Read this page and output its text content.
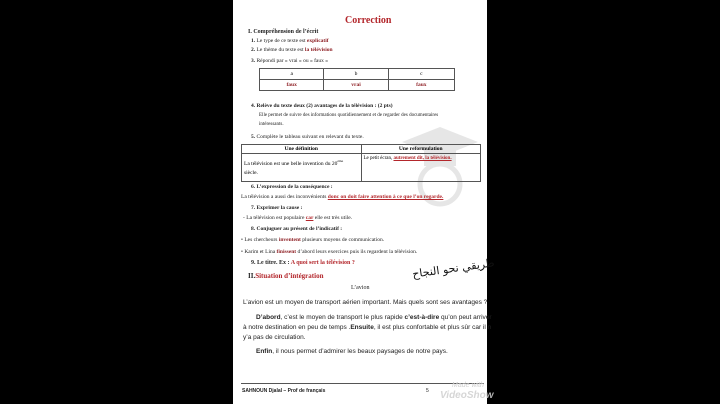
Correction
I. Compréhension de l’écrit
1. Le type de ce texte est explicatif
2. Le thème du texte est la télévision
3. Répondi par « vrai » ou « faux »
a	b	c
faux	vrai	faux
4. Relève du texte deux (2) avantages de la télévision : (2 pts)
Elle permet de suivre des informations quotidiennement et de regarder des documentaires
intéressants.
5. Complète le tableau suivant en relevant du texte.
Une définition	Une reformulation
La télévision est une belle invention du 20ème
siècle.	Le petit écran, autrement dit, la télévision.
6. L’expression de la conséquence :
La télévision a aussi des inconvénients donc on doit faire attention à ce que l’on regarde.
7. Exprimer la cause :
- La télévision est populaire car elle est très utile.
8. Conjuguer au présent de l’indicatif :
• Les chercheurs inventent plusieurs moyens de communication.
• Karim et Lina finissent d’abord leurs exercices puis ils regardent la télévision.
9. Le titre. Ex : A quoi sert la télévision ?
II.Situation d’intégration
L’avion
L’avion est un moyen de transport aérien important. Mais quels sont ses avantages ?
D’abord, c’est le moyen de transport le plus rapide c’est-à-dire qu’on peut arriver
à notre destination en peu de temps .Ensuite, il est plus confortable et plus sûr car il n
y’a pas de circulation.
Enfin, il nous permet d’admirer les beaux paysages de notre pays.
SAHNOUN Djalal – Prof de français	5
طريقي نحو النجاح
Made with
VideoShow
